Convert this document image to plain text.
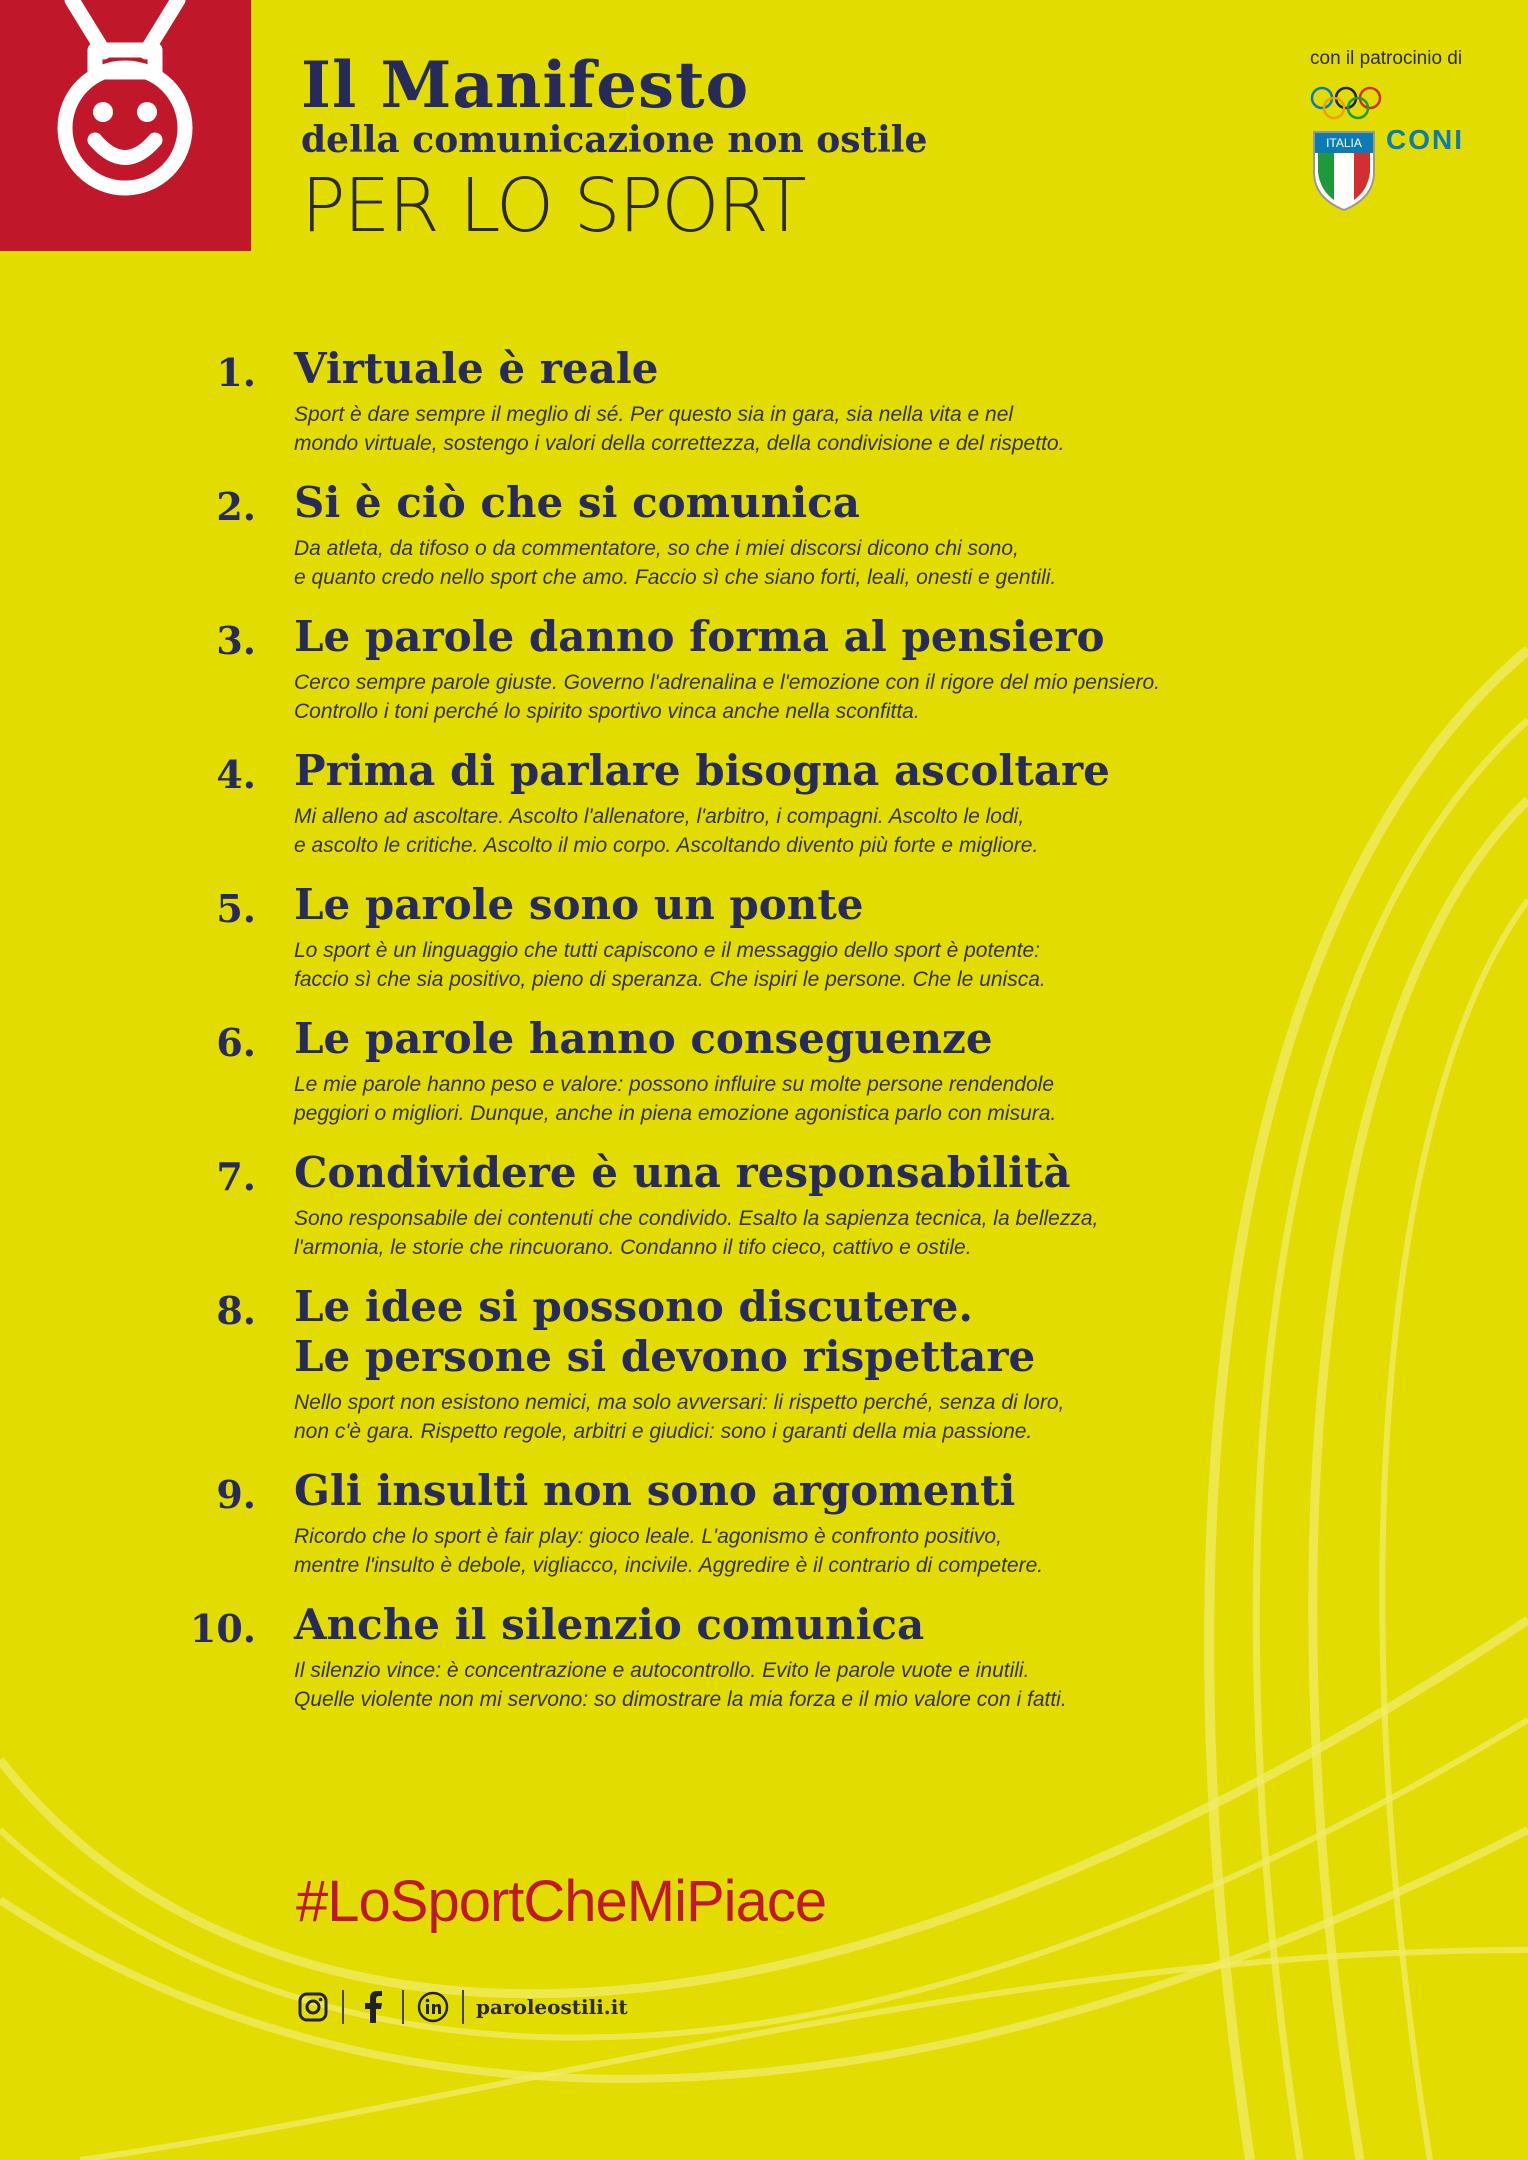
Il Manifesto
della comunicazione non ostile
PER LO SPORT
con il patrocinio di
ITALIA CONI
1. Virtuale è reale
Sport è dare sempre il meglio di sé. Per questo sia in gara, sia nella vita e nel
mondo virtuale, sostengo i valori della correttezza, della condivisione e del rispetto.
2. Si è ciò che si comunica
Da atleta, da tifoso o da commentatore, so che i miei discorsi dicono chi sono,
e quanto credo nello sport che amo. Faccio sì che siano forti, leali, onesti e gentili.
3. Le parole danno forma al pensiero
Cerco sempre parole giuste. Governo l'adrenalina e l'emozione con il rigore del mio pensiero.
Controllo i toni perché lo spirito sportivo vinca anche nella sconfitta.
4. Prima di parlare bisogna ascoltare
Mi alleno ad ascoltare. Ascolto l'allenatore, l'arbitro, i compagni. Ascolto le lodi,
e ascolto le critiche. Ascolto il mio corpo. Ascoltando divento più forte e migliore.
5. Le parole sono un ponte
Lo sport è un linguaggio che tutti capiscono e il messaggio dello sport è potente:
faccio sì che sia positivo, pieno di speranza. Che ispiri le persone. Che le unisca.
6. Le parole hanno conseguenze
Le mie parole hanno peso e valore: possono influire su molte persone rendendole
peggiori o migliori. Dunque, anche in piena emozione agonistica parlo con misura.
7. Condividere è una responsabilità
Sono responsabile dei contenuti che condivido. Esalto la sapienza tecnica, la bellezza,
l'armonia, le storie che rincuorano. Condanno il tifo cieco, cattivo e ostile.
8. Le idee si possono discutere.
Le persone si devono rispettare
Nello sport non esistono nemici, ma solo avversari: li rispetto perché, senza di loro,
non c'è gara. Rispetto regole, arbitri e giudici: sono i garanti della mia passione.
9. Gli insulti non sono argomenti
Ricordo che lo sport è fair play: gioco leale. L'agonismo è confronto positivo,
mentre l'insulto è debole, vigliacco, incivile. Aggredire è il contrario di competere.
10. Anche il silenzio comunica
Il silenzio vince: è concentrazione e autocontrollo. Evito le parole vuote e inutili.
Quelle violente non mi servono: so dimostrare la mia forza e il mio valore con i fatti.
#LoSportCheMiPiace
paroleostili.it
